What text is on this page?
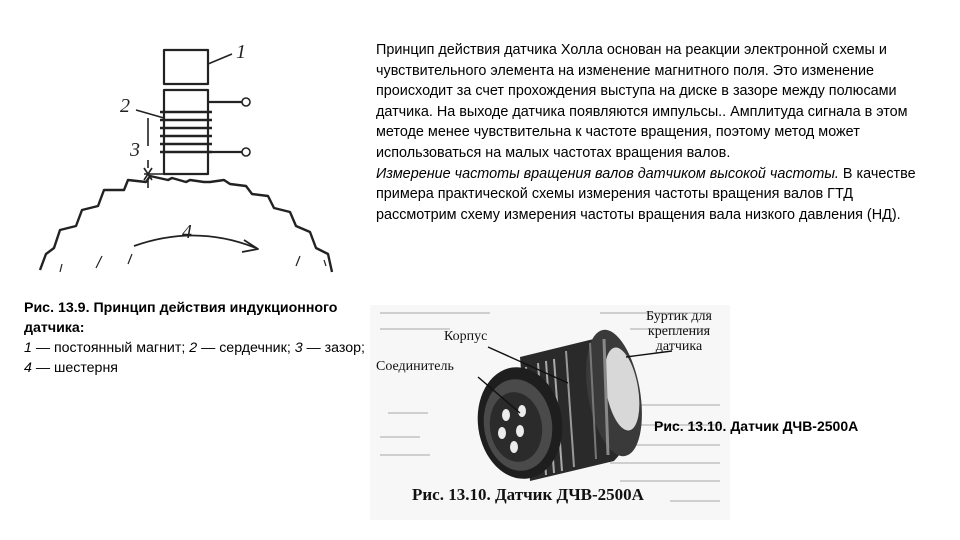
1
2
3
4
Рис. 13.9. Принцип действия индукционного датчика:
1 — постоянный магнит; 2 — сердечник; 3 — зазор; 4 — шестерня
Принцип действия датчика Холла основан на реакции электронной схемы и чувствительного элемента на изменение магнитного поля. Это изменение происходит за счет прохождения выступа на диске в зазоре между полюсами датчика. На выходе датчика появляются импульсы.. Амплитуда сигнала в этом методе менее чувствительна к частоте вращения, поэтому метод может использоваться на малых частотах вращения валов.
Измерение частоты вращения валов датчиком высокой частоты. В качестве примера практической схемы измерения частоты вращения валов ГТД рассмотрим схему измерения частоты вращения вала низкого давления (НД).
Корпус
Буртик для крепления датчика
Соединитель
Рис. 13.10. Датчик ДЧВ-2500А
Рис. 13.10. Датчик ДЧВ-2500А
